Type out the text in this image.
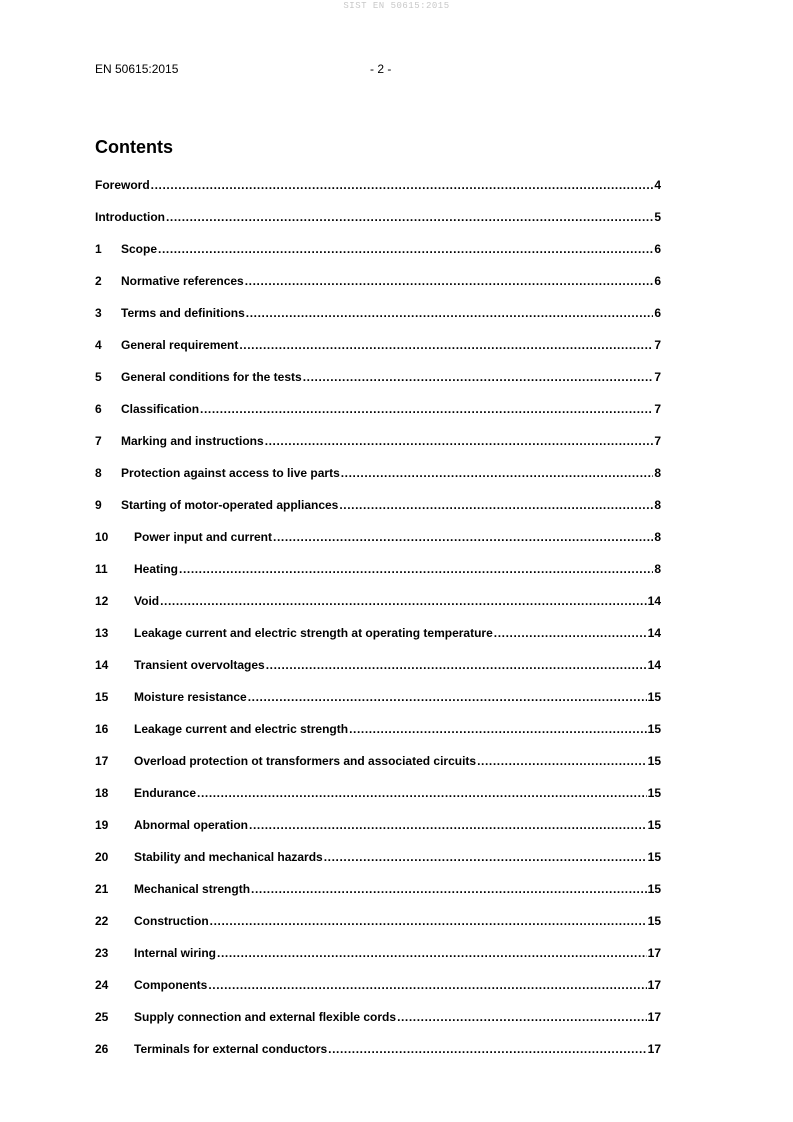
SIST EN 50615:2015
EN 50615:2015	- 2 -
Contents
Foreword .....	4
Introduction .....	5
1	Scope .....	6
2	Normative references .....	6
3	Terms and definitions .....	6
4	General requirement .....	7
5	General conditions for the tests .....	7
6	Classification .....	7
7	Marking and instructions .....	7
8	Protection against access to live parts .....	8
9	Starting of motor-operated appliances .....	8
10	Power input and current .....	8
11	Heating .....	8
12	Void .....	14
13	Leakage current and electric strength at operating temperature .....	14
14	Transient overvoltages .....	14
15	Moisture resistance .....	15
16	Leakage current and electric strength .....	15
17	Overload protection ot transformers and associated circuits .....	15
18	Endurance .....	15
19	Abnormal operation .....	15
20	Stability and mechanical hazards .....	15
21	Mechanical strength .....	15
22	Construction .....	15
23	Internal wiring .....	17
24	Components .....	17
25	Supply connection and external flexible cords .....	17
26	Terminals for external conductors .....	17
